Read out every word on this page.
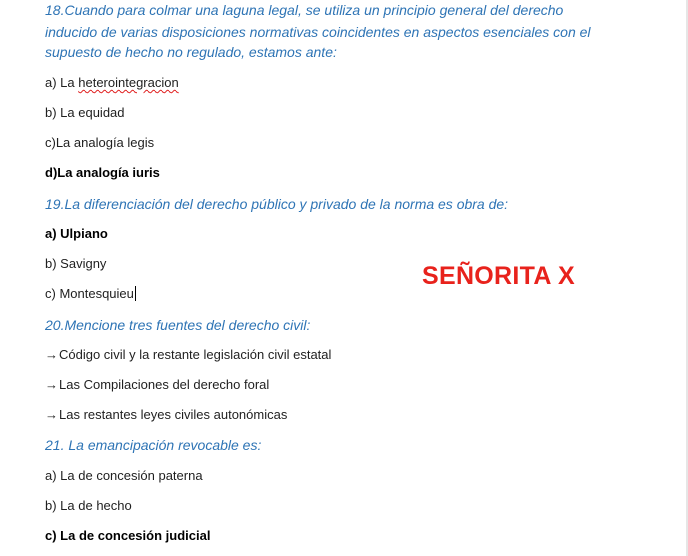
18.Cuando para colmar una laguna legal, se utiliza un principio general del derecho
inducido de varias disposiciones normativas coincidentes en aspectos esenciales con el
supuesto de hecho no regulado, estamos ante:
a) La heterointegracion
b) La equidad
c)La analogía legis
d)La analogía iuris
19.La diferenciación del derecho público y privado de la norma es obra de:
a) Ulpiano
b) Savigny
c) Montesquieu
20.Mencione tres fuentes del derecho civil:
→Código civil y la restante legislación civil estatal
→Las Compilaciones del derecho foral
→Las restantes leyes civiles autonómicas
21. La emancipación revocable es:
a) La de concesión paterna
b) La de hecho
c) La de concesión judicial
SEÑORITA X
